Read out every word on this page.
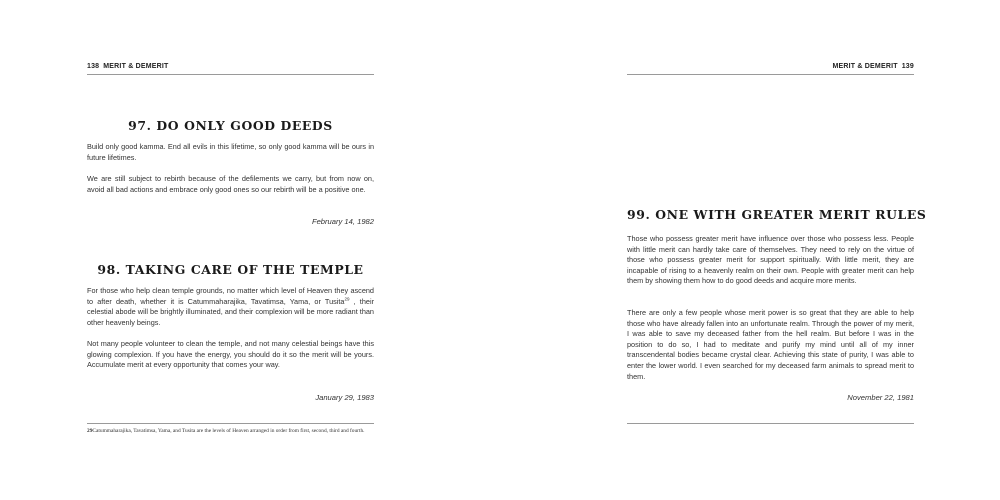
138 MERIT & DEMERIT
97. DO ONLY GOOD DEEDS

Build only good kamma. End all evils in this lifetime, so only good kamma will be ours in future lifetimes.

We are still subject to rebirth because of the defilements we carry, but from now on, avoid all bad actions and embrace only good ones so our rebirth will be a positive one.

February 14, 1982
98. TAKING CARE OF THE TEMPLE

For those who help clean temple grounds, no matter which level of Heaven they ascend to after death, whether it is Catummaharajika, Tavatimsa, Yama, or Tusita$^{29}$ , their celestial abode will be brightly illuminated, and their complexion will be more radiant than other heavenly beings.

Not many people volunteer to clean the temple, and not many celestial beings have this glowing complexion. If you have the energy, you should do it so the merit will be yours. Accumulate merit at every opportunity that comes your way.

January 29, 1983

29Catummaharajika, Tavatimsa, Yama, and Tusita are the levels of Heaven arranged in order from first, second, third and fourth.

MERIT & DEMERIT 139
99. ONE WITH GREATER MERIT RULES

Those who possess greater merit have influence over those who possess less. People with little merit can hardly take care of themselves. They need to rely on the virtue of those who possess greater merit for support spiritually. With little merit, they are incapable of rising to a heavenly realm on their own. People with greater merit can help them by showing them how to do good deeds and acquire more merits.

There are only a few people whose merit power is so great that they are able to help those who have already fallen into an unfortunate realm. Through the power of my merit, I was able to save my deceased father from the hell realm. But before I was in the position to do so, I had to meditate and purify my mind until all of my inner transcendental bodies became crystal clear. Achieving this state of purity, I was able to enter the lower world. I even searched for my deceased farm animals to spread merit to them.

November 22, 1981
